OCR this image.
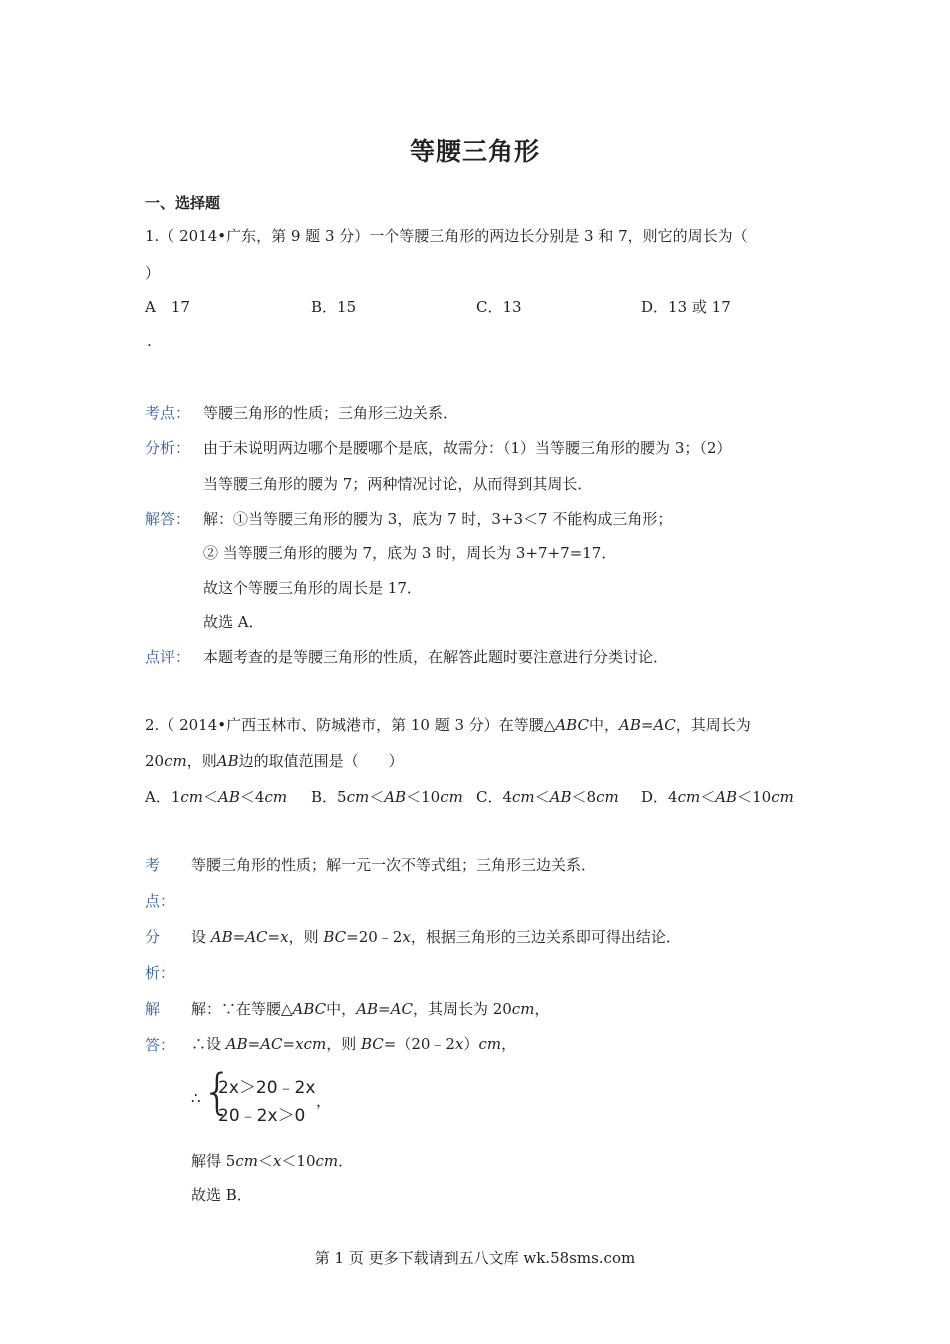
等腰三角形
一、选择题
1.（ 2014•广东，第 9 题 3 分）一个等腰三角形的两边长分别是 3 和 7，则它的周长为（
）
A　17	B．15	C．13	D．13 或 17
.
考点： 等腰三角形的性质；三角形三边关系．
分析： 由于未说明两边哪个是腰哪个是底，故需分：（1）当等腰三角形的腰为 3；（2）
当等腰三角形的腰为 7；两种情况讨论，从而得到其周长．
解答： 解：①当等腰三角形的腰为 3，底为 7 时，3+3＜7 不能构成三角形；
② 当等腰三角形的腰为 7，底为 3 时，周长为 3+7+7=17．
故这个等腰三角形的周长是 17．
故选 A．
点评： 本题考查的是等腰三角形的性质，在解答此题时要注意进行分类讨论．
2.（ 2014•广西玉林市、防城港市，第 10 题 3 分）在等腰△ABC中，AB=AC，其周长为
20cm，则AB边的取值范围是（　　）
A．1cm＜AB＜4cm B．5cm＜AB＜10cm C．4cm＜AB＜8cm D．4cm＜AB＜10cm
考
点：
等腰三角形的性质；解一元一次不等式组；三角形三边关系．
分
析：
设 AB=AC=x，则 BC=20﹣2x，根据三角形的三边关系即可得出结论．
解
答：
解：∵在等腰△ABC中，AB=AC，其周长为 20cm，
∴设 AB=AC=xcm，则 BC=（20﹣2x）cm，
∴ {
2x＞20﹣2x
20﹣2x＞0
，
解得 5cm＜x＜10cm．
故选 B．
第 1 页 更多下载请到五八文库 wk.58sms.com
